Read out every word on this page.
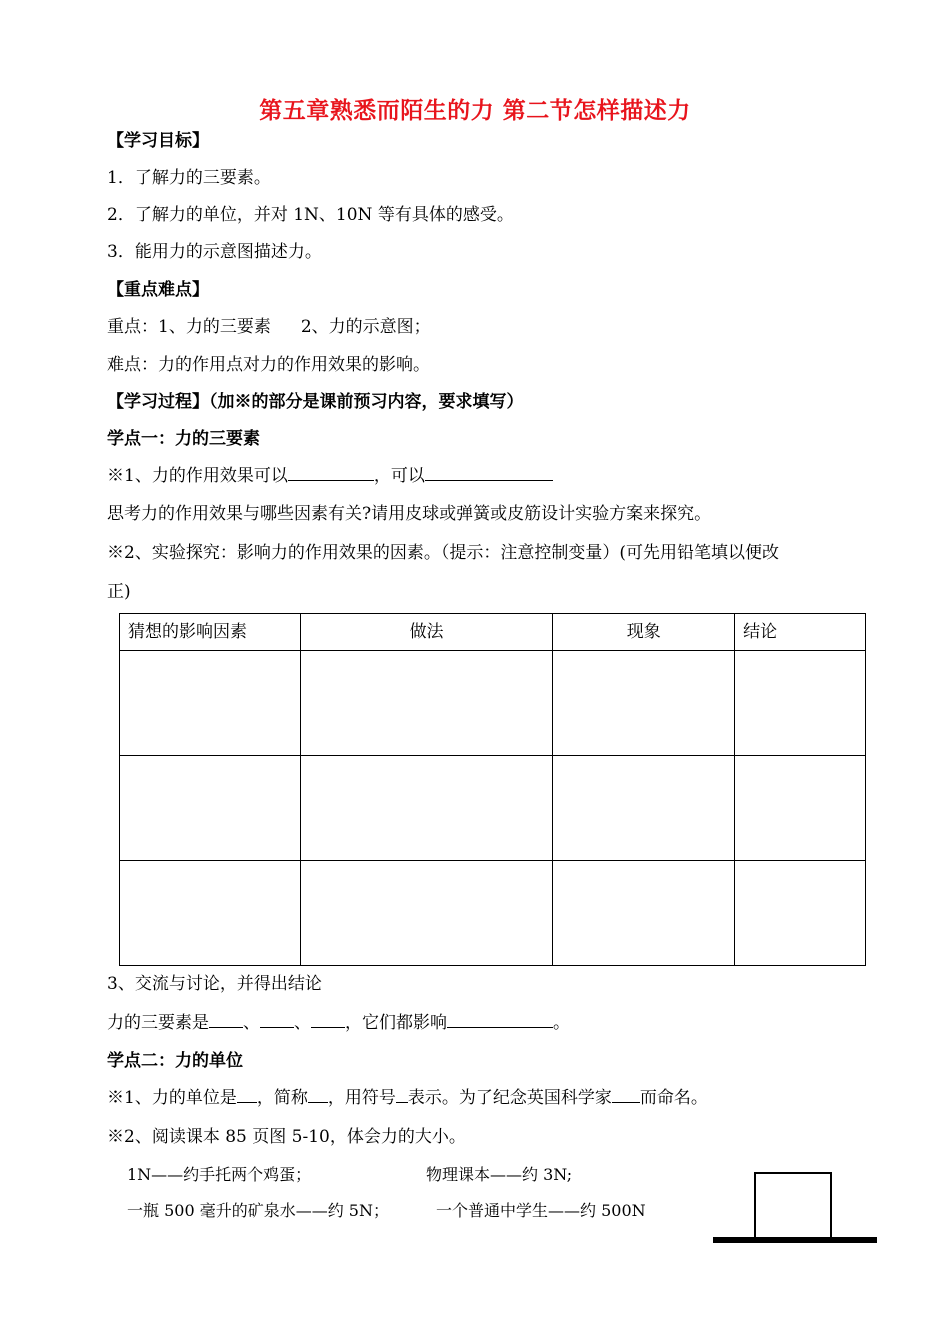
第五章熟悉而陌生的力 第二节怎样描述力
【学习目标】
1．了解力的三要素。
2．了解力的单位，并对 1N、10N 等有具体的感受。
3．能用力的示意图描述力。
【重点难点】
重点：1、力的三要素 2、力的示意图；
难点：力的作用点对力的作用效果的影响。
【学习过程】（加※的部分是课前预习内容，要求填写）
学点一：力的三要素
※1、力的作用效果可以	，可以
思考力的作用效果与哪些因素有关?请用皮球或弹簧或皮筋设计实验方案来探究。
※2、实验探究：影响力的作用效果的因素。（提示：注意控制变量）(可先用铅笔填以便改
正)
猜想的影响因素	做法	现象	结论

3、交流与讨论，并得出结论
力的三要素是 、 、 ，它们都影响	。
学点二：力的单位
※1、力的单位是 ，简称 ，用符号 表示。为了纪念英国科学家 而命名。
※2、阅读课本 85 页图 5-10，体会力的大小。
1N——约手托两个鸡蛋；	物理课本——约 3N;
一瓶 500 毫升的矿泉水——约 5N；	一个普通中学生——约 500N
